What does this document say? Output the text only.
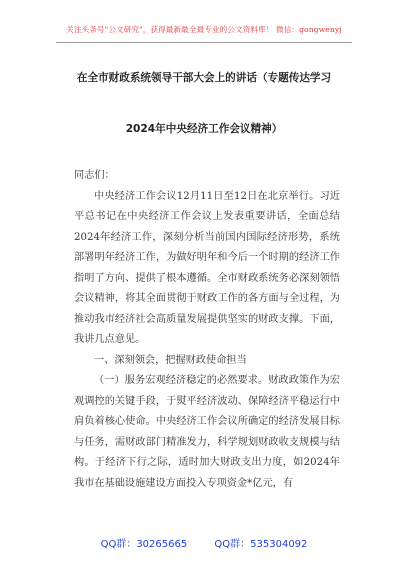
关注头条号"公文研究"，获得最新最全最专业的公文资料库！ 微信：gongwenyj
在全市财政系统领导干部大会上的讲话（专题传达学习
2024年中央经济工作会议精神）

同志们：

中央经济工作会议12月11日至12日在北京举行。习近平总书记在中央经济工作会议上发表重要讲话，全面总结2024年经济工作，深刻分析当前国内国际经济形势，系统部署明年经济工作，为做好明年和今后一个时期的经济工作指明了方向、提供了根本遵循。全市财政系统务必深刻领悟会议精神，将其全面贯彻于财政工作的各方面与全过程，为推动我市经济社会高质量发展提供坚实的财政支撑。下面，我讲几点意见。

一、深刻领会，把握财政使命担当

（一）服务宏观经济稳定的必然要求。财政政策作为宏观调控的关键手段，于熨平经济波动、保障经济平稳运行中肩负着核心使命。中央经济工作会议所确定的经济发展目标与任务，需财政部门精准发力，科学规划财政收支规模与结构。于经济下行之际，适时加大财政支出力度，如2024年我市在基础设施建设方面投入专项资金*亿元，有

QQ群：30265665	QQ群：535304092
